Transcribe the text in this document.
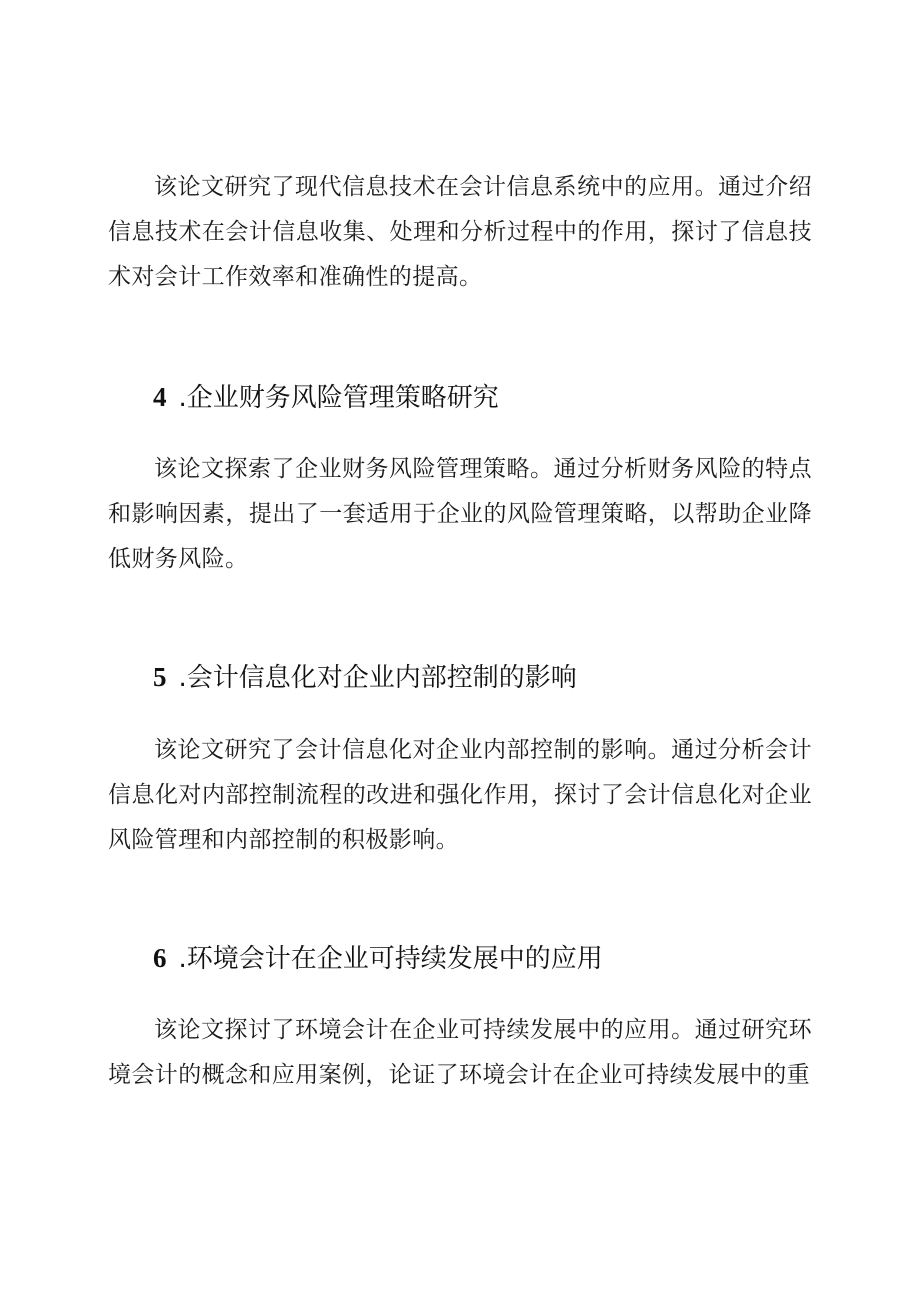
该论文研究了现代信息技术在会计信息系统中的应用。通过介绍信息技术在会计信息收集、处理和分析过程中的作用，探讨了信息技术对会计工作效率和准确性的提高。

4 .企业财务风险管理策略研究

该论文探索了企业财务风险管理策略。通过分析财务风险的特点和影响因素，提出了一套适用于企业的风险管理策略，以帮助企业降低财务风险。

5 .会计信息化对企业内部控制的影响

该论文研究了会计信息化对企业内部控制的影响。通过分析会计信息化对内部控制流程的改进和强化作用，探讨了会计信息化对企业风险管理和内部控制的积极影响。

6 .环境会计在企业可持续发展中的应用

该论文探讨了环境会计在企业可持续发展中的应用。通过研究环境会计的概念和应用案例，论证了环境会计在企业可持续发展中的重
